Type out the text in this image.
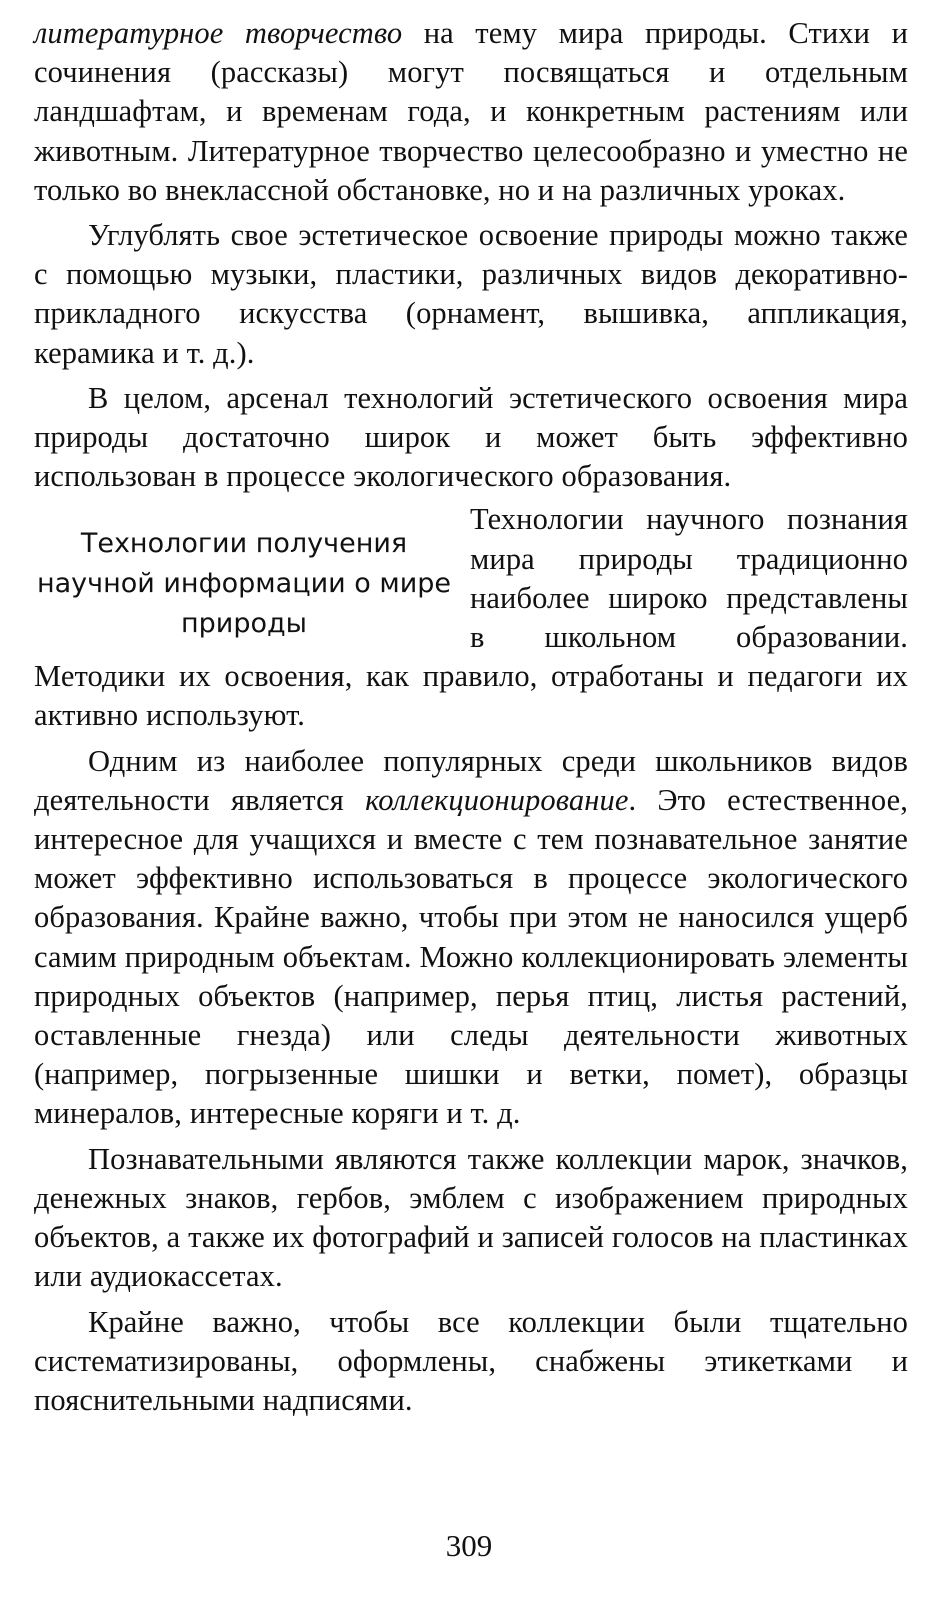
литературное творчество на тему мира природы. Стихи и сочинения (рассказы) могут посвящаться и отдельным ландшафтам, и временам года, и конкретным растениям или животным. Литературное творчество целесообразно и уместно не только во внеклассной обстановке, но и на различных уроках.

Углублять свое эстетическое освоение природы можно также с помощью музыки, пластики, различных видов декоративно-прикладного искусства (орнамент, вышивка, аппликация, керамика и т. д.).

В целом, арсенал технологий эстетического освоения мира природы достаточно широк и может быть эффективно использован в процессе экологического образования.

Технологии получения научной информации о мире природы

Технологии научного познания мира природы традиционно наиболее широко представлены в школьном образовании. Методики их освоения, как правило, отработаны и педагоги их активно используют.

Одним из наиболее популярных среди школьников видов деятельности является коллекционирование. Это естественное, интересное для учащихся и вместе с тем познавательное занятие может эффективно использоваться в процессе экологического образования. Крайне важно, чтобы при этом не наносился ущерб самим природным объектам. Можно коллекционировать элементы природных объектов (например, перья птиц, листья растений, оставленные гнезда) или следы деятельности животных (например, погрызенные шишки и ветки, помет), образцы минералов, интересные коряги и т. д.

Познавательными являются также коллекции марок, значков, денежных знаков, гербов, эмблем с изображением природных объектов, а также их фотографий и записей голосов на пластинках или аудиокассетах.

Крайне важно, чтобы все коллекции были тщательно систематизированы, оформлены, снабжены этикетками и пояснительными надписями.

309
